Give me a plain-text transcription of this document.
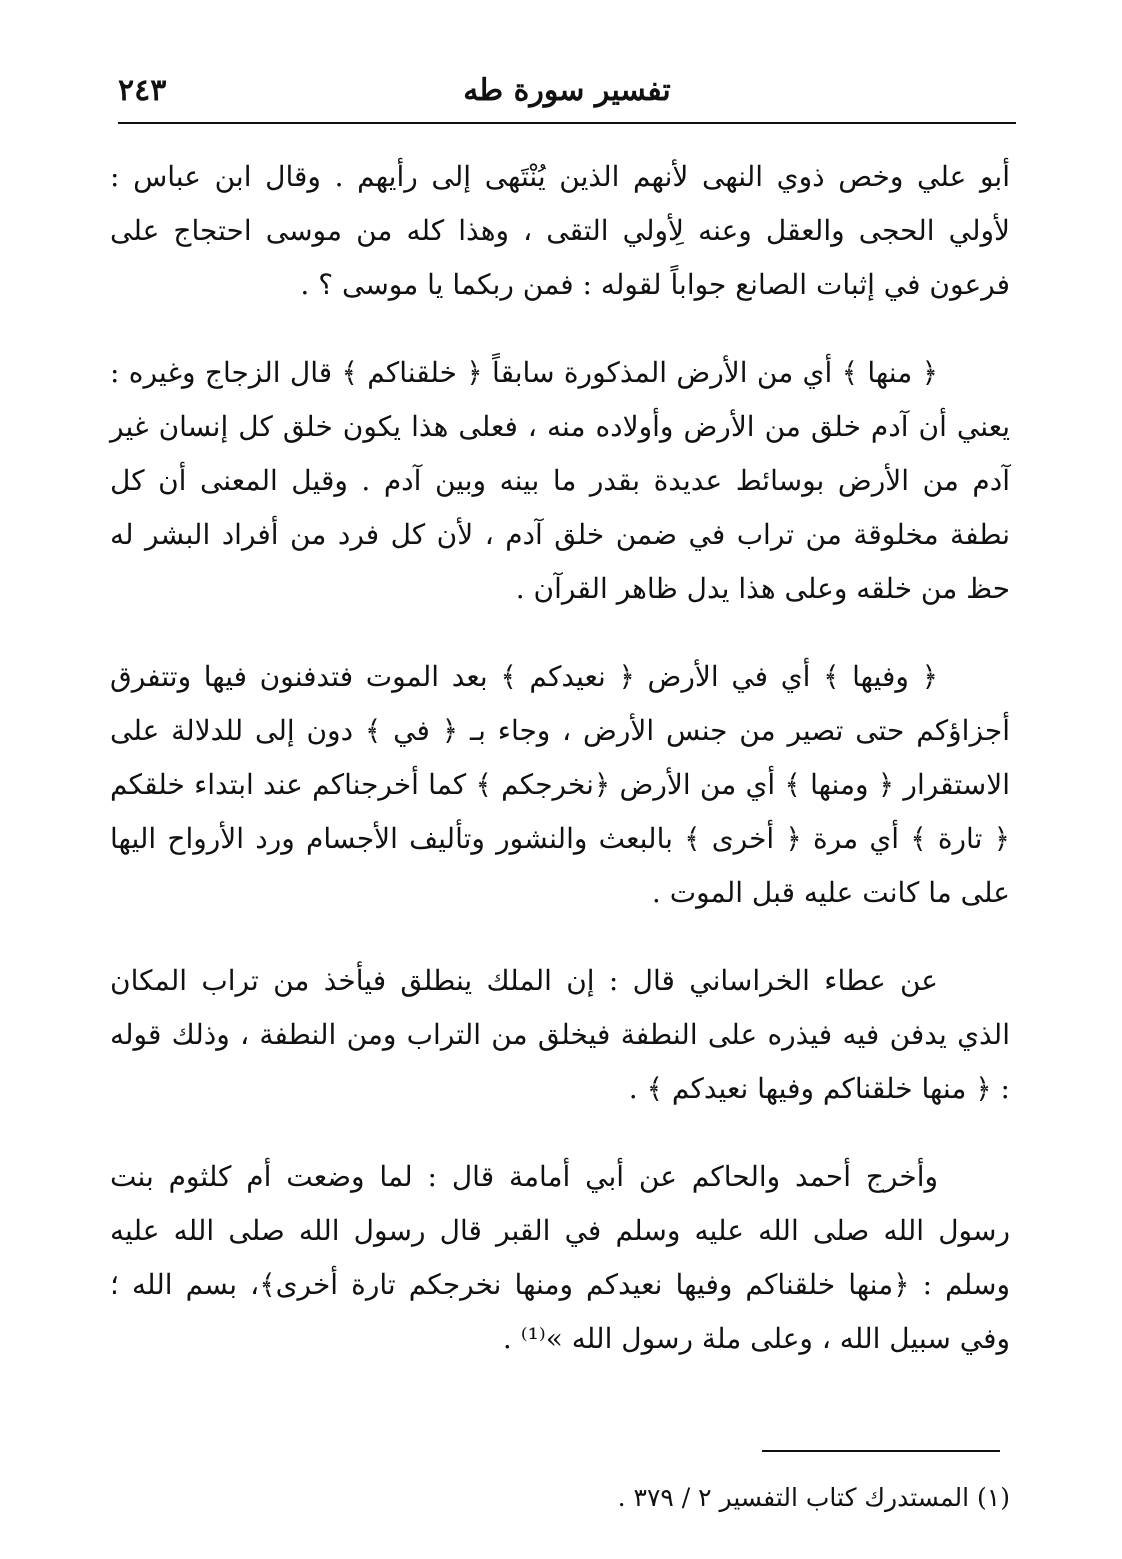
٢٤٣	تفسير سورة طه

أبو علي وخص ذوي النهى لأنهم الذين يُنْتَهى إلى رأيهم . وقال ابن عباس : لأولي الحجى والعقل وعنه لِأولي التقى ، وهذا كله من موسى احتجاج على فرعون في إثبات الصانع جواباً لقوله : فمن ربكما يا موسى ؟ .

﴿ منها ﴾ أي من الأرض المذكورة سابقاً ﴿ خلقناكم ﴾ قال الزجاج وغيره : يعني أن آدم خلق من الأرض وأولاده منه ، فعلى هذا يكون خلق كل إنسان غير آدم من الأرض بوسائط عديدة بقدر ما بينه وبين آدم . وقيل المعنى أن كل نطفة مخلوقة من تراب في ضمن خلق آدم ، لأن كل فرد من أفراد البشر له حظ من خلقه وعلى هذا يدل ظاهر القرآن .

﴿ وفيها ﴾ أي في الأرض ﴿ نعيدكم ﴾ بعد الموت فتدفنون فيها وتتفرق أجزاؤكم حتى تصير من جنس الأرض ، وجاء بـ ﴿ في ﴾ دون إلى للدلالة على الاستقرار ﴿ ومنها ﴾ أي من الأرض ﴿نخرجكم ﴾ كما أخرجناكم عند ابتداء خلقكم ﴿ تارة ﴾ أي مرة ﴿ أخرى ﴾ بالبعث والنشور وتأليف الأجسام ورد الأرواح اليها على ما كانت عليه قبل الموت .

عن عطاء الخراساني قال : إن الملك ينطلق فيأخذ من تراب المكان الذي يدفن فيه فيذره على النطفة فيخلق من التراب ومن النطفة ، وذلك قوله : ﴿ منها خلقناكم وفيها نعيدكم ﴾ .

وأخرج أحمد والحاكم عن أبي أمامة قال : لما وضعت أم كلثوم بنت رسول الله صلى الله عليه وسلم في القبر قال رسول الله صلى الله عليه وسلم : ﴿منها خلقناكم وفيها نعيدكم ومنها نخرجكم تارة أخرى﴾، بسم الله ؛ وفي سبيل الله ، وعلى ملة رسول الله »⁽¹⁾ .

(١) المستدرك كتاب التفسير ٢ / ٣٧٩ .
